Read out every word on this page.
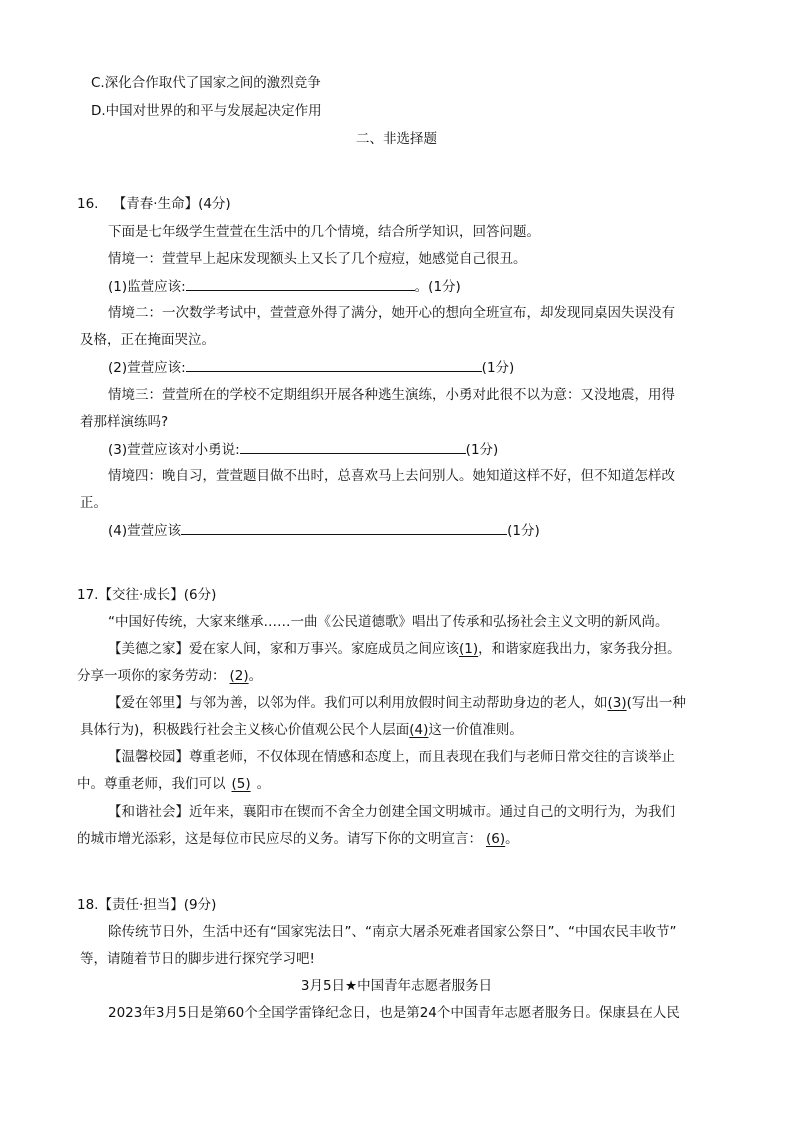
C.深化合作取代了国家之间的激烈竞争
D.中国对世界的和平与发展起决定作用
二、非选择题
16. 【青春·生命】(4分)
下面是七年级学生萱萱在生活中的几个情境，结合所学知识，回答问题。
情境一：萱萱早上起床发现额头上又长了几个痘痘，她感觉自己很丑。
(1)监萱应该:	。(1分)
情境二：一次数学考试中，萱萱意外得了满分，她开心的想向全班宣布，却发现同桌因失误没有
及格，正在掩面哭泣。
(2)萱萱应该:	(1分)
情境三：萱萱所在的学校不定期组织开展各种逃生演练，小勇对此很不以为意：又没地震，用得
着那样演练吗?
(3)萱萱应该对小勇说:	(1分)
情境四：晚自习，萱萱题目做不出时，总喜欢马上去问别人。她知道这样不好，但不知道怎样改
正。
(4)萱萱应该	(1分)
17.【交往·成长】(6分)
“中国好传统，大家来继承……一曲《公民道德歌》唱出了传承和弘扬社会主义文明的新风尚。
【美德之家】爱在家人间，家和万事兴。家庭成员之间应该(1)，和谐家庭我出力，家务我分担。
分享一项你的家务劳动： (2)。
【爱在邻里】与邻为善，以邻为伴。我们可以利用放假时间主动帮助身边的老人，如(3)(写出一种
具体行为)，积极践行社会主义核心价值观公民个人层面(4)这一价值准则。
【温馨校园】尊重老师，不仅体现在情感和态度上，而且表现在我们与老师日常交往的言谈举止
中。尊重老师，我们可以 (5) 。
【和谐社会】近年来，襄阳市在锲而不舍全力创建全国文明城市。通过自己的文明行为，为我们
的城市增光添彩，这是每位市民应尽的义务。请写下你的文明宣言： (6)。
18.【责任·担当】(9分)
除传统节日外，生活中还有“国家宪法日”、“南京大屠杀死难者国家公祭日”、“中国农民丰收节”
等，请随着节日的脚步进行探究学习吧!
3月5日★中国青年志愿者服务日
2023年3月5日是第60个全国学雷锋纪念日，也是第24个中国青年志愿者服务日。保康县在人民
